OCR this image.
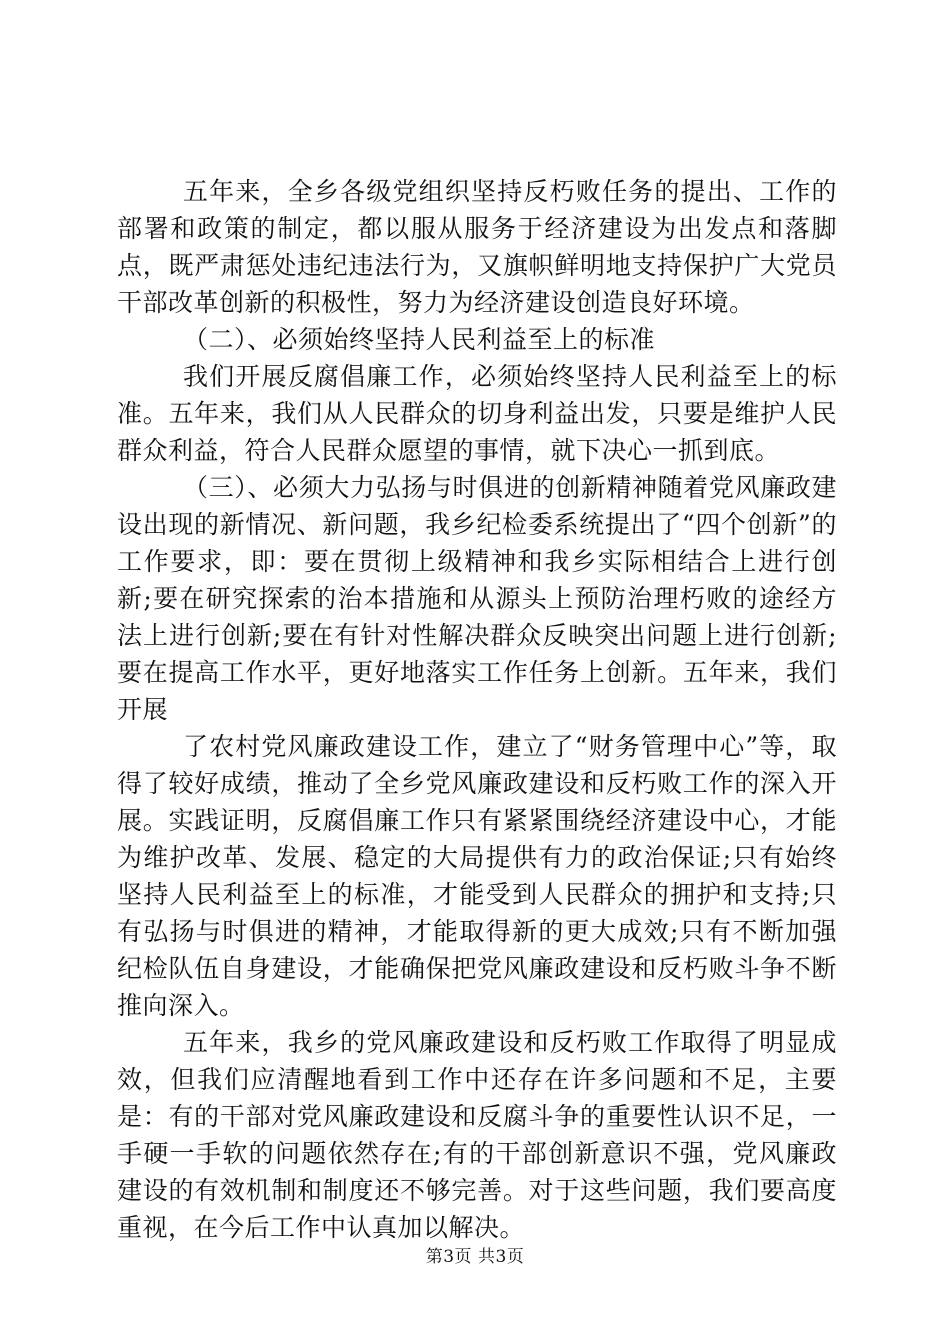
五年来，全乡各级党组织坚持反朽败任务的提出、工作的部署和政策的制定，都以服从服务于经济建设为出发点和落脚点，既严肃惩处违纪违法行为，又旗帜鲜明地支持保护广大党员干部改革创新的积极性，努力为经济建设创造良好环境。

（二）、必须始终坚持人民利益至上的标准

我们开展反腐倡廉工作，必须始终坚持人民利益至上的标准。五年来，我们从人民群众的切身利益出发，只要是维护人民群众利益，符合人民群众愿望的事情，就下决心一抓到底。

（三）、必须大力弘扬与时俱进的创新精神随着党风廉政建设出现的新情况、新问题，我乡纪检委系统提出了“四个创新”的工作要求，即：要在贯彻上级精神和我乡实际相结合上进行创新;要在研究探索的治本措施和从源头上预防治理朽败的途经方法上进行创新;要在有针对性解决群众反映突出问题上进行创新;要在提高工作水平，更好地落实工作任务上创新。五年来，我们开展

了农村党风廉政建设工作，建立了“财务管理中心”等，取得了较好成绩，推动了全乡党风廉政建设和反朽败工作的深入开展。实践证明，反腐倡廉工作只有紧紧围绕经济建设中心，才能为维护改革、发展、稳定的大局提供有力的政治保证;只有始终坚持人民利益至上的标准，才能受到人民群众的拥护和支持;只有弘扬与时俱进的精神，才能取得新的更大成效;只有不断加强纪检队伍自身建设，才能确保把党风廉政建设和反朽败斗争不断推向深入。

五年来，我乡的党风廉政建设和反朽败工作取得了明显成效，但我们应清醒地看到工作中还存在许多问题和不足，主要是：有的干部对党风廉政建设和反腐斗争的重要性认识不足，一手硬一手软的问题依然存在;有的干部创新意识不强，党风廉政建设的有效机制和制度还不够完善。对于这些问题，我们要高度重视，在今后工作中认真加以解决。

第3页 共3页
